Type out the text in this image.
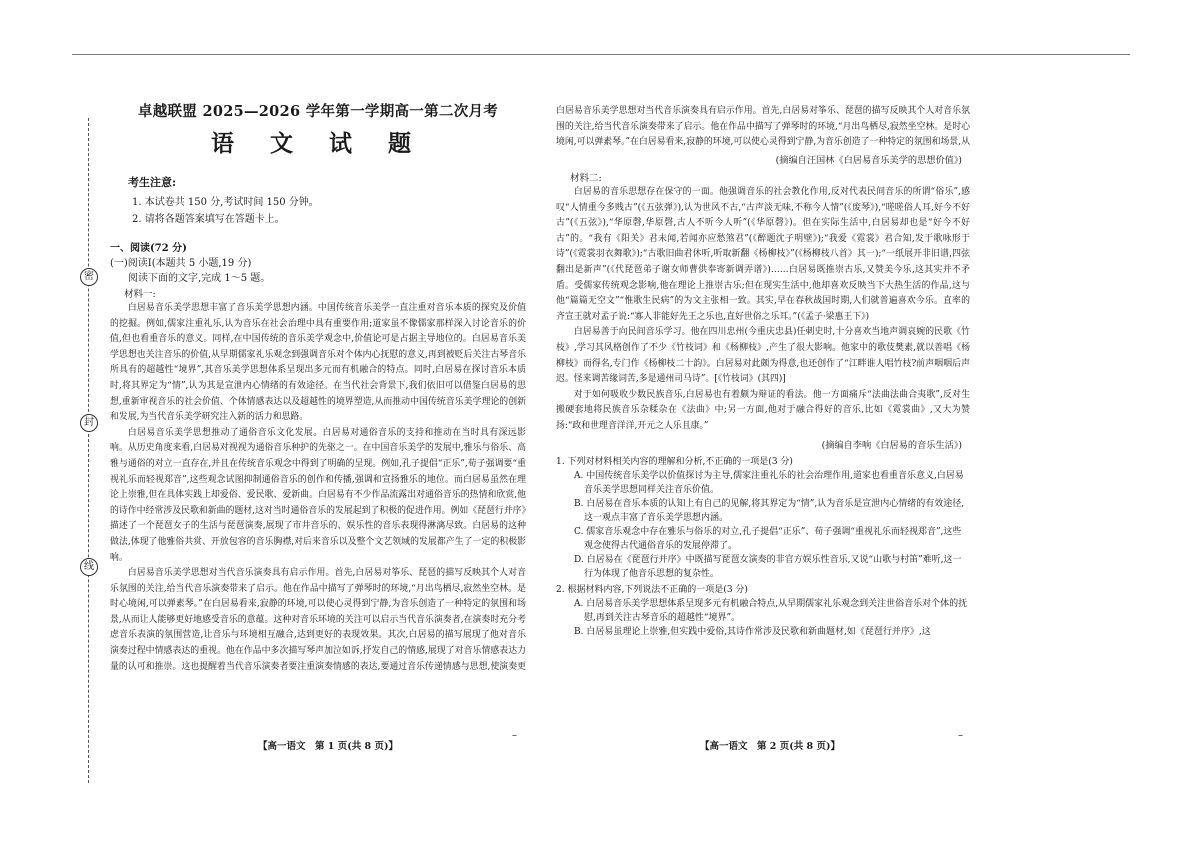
密
封
线
卓越联盟 2025—2026 学年第一学期高一第二次月考
语 文 试 题
考生注意:
1. 本试卷共 150 分,考试时间 150 分钟。
2. 请将各题答案填写在答题卡上。
一、阅读(72 分)
(一)阅读Ⅰ(本题共 5 小题,19 分)
阅读下面的文字,完成 1～5 题。
材料一:

白居易音乐美学思想丰富了音乐美学思想内涵。中国传统音乐美学一直注重对音乐本质的探究及价值的挖掘。例如,儒家注重礼乐,认为音乐在社会治理中具有重要作用;道家虽不像儒家那样深入讨论音乐的价值,但也看重音乐的意义。同样,在中国传统的音乐美学观念中,价值论可是占据主导地位的。白居易音乐美学思想也关注音乐的价值,从早期儒家礼乐观念到强调音乐对个体内心抚慰的意义,再到被贬后关注古琴音乐所具有的超越性“境界”,其音乐美学思想体系呈现出多元而有机融合的特点。同时,白居易在探讨音乐本质时,将其界定为“情”,认为其是宣泄内心情绪的有效途径。在当代社会背景下,我们依旧可以借鉴白居易的思想,重新审视音乐的社会价值、个体情感表达以及超越性的境界塑造,从而推动中国传统音乐美学理论的创新和发展,为当代音乐美学研究注入新的活力和思路。

白居易音乐美学思想推动了通俗音乐文化发展。白居易对通俗音乐的支持和推动在当时具有深远影响。从历史角度来看,白居易对视视为通俗音乐种护的先驱之一。在中国音乐美学的发展中,雅乐与俗乐、高雅与通俗的对立一直存在,并且在传统音乐观念中得到了明确的呈现。例如,孔子提倡“正乐”,荀子强调要“重视礼乐而轻视郑音”,这些观念试图抑制通俗音乐的创作和传播,强调和宣扬雅乐的地位。而白居易虽然在理论上崇雅,但在具体实践上却爱俗、爱民歌、爱新曲。白居易有不少作品流露出对通俗音乐的热情和欣赏,他的诗作中经常涉及民歌和新曲的题材,这对当时通俗音乐的发展起到了积极的促进作用。例如《琵琶行并序》描述了一个琵琶女子的生活与琵琶演奏,展现了市井音乐的、娱乐性的音乐表现得淋漓尽致。白居易的这种做法,体现了他雅俗共赏、开放包容的音乐胸襟,对后来音乐以及整个文艺领域的发展都产生了一定的积极影响。

白居易音乐美学思想对当代音乐演奏具有启示作用。首先,白居易对筝乐、琵琶的描写反映其个人对音乐氛围的关注,给当代音乐演奏带来了启示。他在作品中描写了弹琴时的环境,“月出鸟栖尽,寂然坐空林。是时心境闲,可以弹素琴。”在白居易看来,寂静的环境,可以使心灵得到宁静,为音乐创造了一种特定的氛围和场景,从而让人能够更好地感受音乐的意蕴。这种对音乐环境的关注可以启示当代音乐演奏者,在演奏时充分考虑音乐表演的氛围营造,让音乐与环境相互融合,达到更好的表现效果。其次,白居易的描写展现了他对音乐演奏过程中情感表达的重视。他在作品中多次描写琴声加泣如诉,抒发自己的情感,展现了对音乐情感表达力量的认可和推崇。这也提醒着当代音乐演奏者要注重演奏情感的表达,要通过音乐传递情感与思想,使演奏更

【高一语文　第 1 页(共 8 页)】
–

白居易音乐美学思想对当代音乐演奏具有启示作用。首先,白居易对筝乐、琵琶的描写反映其个人对音乐氛围的关注,给当代音乐演奏带来了启示。他在作品中描写了弹琴时的环境,“月出鸟栖尽,寂然坐空林。是时心境闲,可以弹素琴。”在白居易看来,寂静的环境,可以使心灵得到宁静,为音乐创造了一种特定的氛围和场景,从

(摘编自汪国林《白居易音乐美学的思想价值》)
材料二:

白居易的音乐思想存在保守的一面。他强调音乐的社会教化作用,反对代表民间音乐的所谓“俗乐”,感叹“人情重今多贱古”(《五弦弹》),认为世风不古,“古声淡无味,不称今人情”(《废琴》),“嗟嗟俗人耳,好今不好古”(《五弦》),“华原磬,华原磬,古人不听今人听”(《华原磬》)。但在实际生活中,白居易却也是“好今不好古”的。“我有《阳关》君未闻,若闻亦应愁煞君”(《醉题沈子明壁》);“我爱《霓裳》君合知,发于歌咏形于诗”(《霓裳羽衣舞歌》);“古歌旧曲君休听,听取新翻《杨柳枝》”(《杨柳枝八首》其一);“一纸展开非旧谱,四弦翻出是新声”(《代琵琶弟子谢女师曹供奉寄新调弄谱》)……白居易既推崇古乐,又赞美今乐,这其实并不矛盾。受儒家传统观念影响,他在理论上推崇古乐;但在现实生活中,他却喜欢反映当下大热生活的作品,这与他“篇篇无空文”“惟歌生民病”的为文主张相一致。其实,早在春秋战国时期,人们就普遍喜欢今乐。直率的齐宣王就对孟子说:“寡人非能好先王之乐也,直好世俗之乐耳。”(《孟子·梁惠王下》)

白居易善于向民间音乐学习。他在四川忠州(今重庆忠县)任刺史时,十分喜欢当地声调哀婉的民歌《竹枝》,学习其风格创作了不少《竹枝词》和《杨柳枝》,产生了很大影响。他家中的歌伎樊素,就以善唱《杨柳枝》而得名,专门作《杨柳枝二十韵》。白居易对此颇为得意,也还创作了“江畔谁人唱竹枝?前声咽咽后声迟。怪来调苦缘词苦,多是通州司马诗”。[《竹枝词》(其四)]

对于如何吸收少数民族音乐,白居易也有着颇为辩证的看法。他一方面痛斥“法曲法曲合夷歌”,反对生搬硬套地将民族音乐杂糅杂在《法曲》中;另一方面,他对于融合得好的音乐,比如《霓裳曲》,又大为赞扬:“政和世理音洋洋,开元之人乐且康。”

(摘编自李响《白居易的音乐生活》)
1. 下列对材料相关内容的理解和分析,不正确的一项是(3 分)
A. 中国传统音乐美学以价值探讨为主导,儒家注重礼乐的社会治理作用,道家也看重音乐意义,白居易音乐美学思想同样关注音乐价值。
B. 白居易在音乐本质的认知上有自己的见解,将其界定为“情”,认为音乐是宣泄内心情绪的有效途径,这一观点丰富了音乐美学思想内涵。
C. 儒家音乐观念中存在雅乐与俗乐的对立,孔子提倡“正乐”、荀子强调“重视礼乐而轻视郑音”,这些观念使得古代通俗音乐的发展停滞了。
D. 白居易在《琵琶行并序》中既描写琵琶女演奏的非官方娱乐性音乐,又说“山歌与村笛”难听,这一行为体现了他音乐思想的复杂性。
2. 根据材料内容,下列说法不正确的一项是(3 分)
A. 白居易音乐美学思想体系呈现多元有机融合特点,从早期儒家礼乐观念到关注世俗音乐对个体的抚慰,再到关注古琴音乐的超越性“境界”。
B. 白居易虽理论上崇雅,但实践中爱俗,其诗作常涉及民歌和新曲题材,如《琵琶行并序》,这
【高一语文　第 2 页(共 8 页)】
–
